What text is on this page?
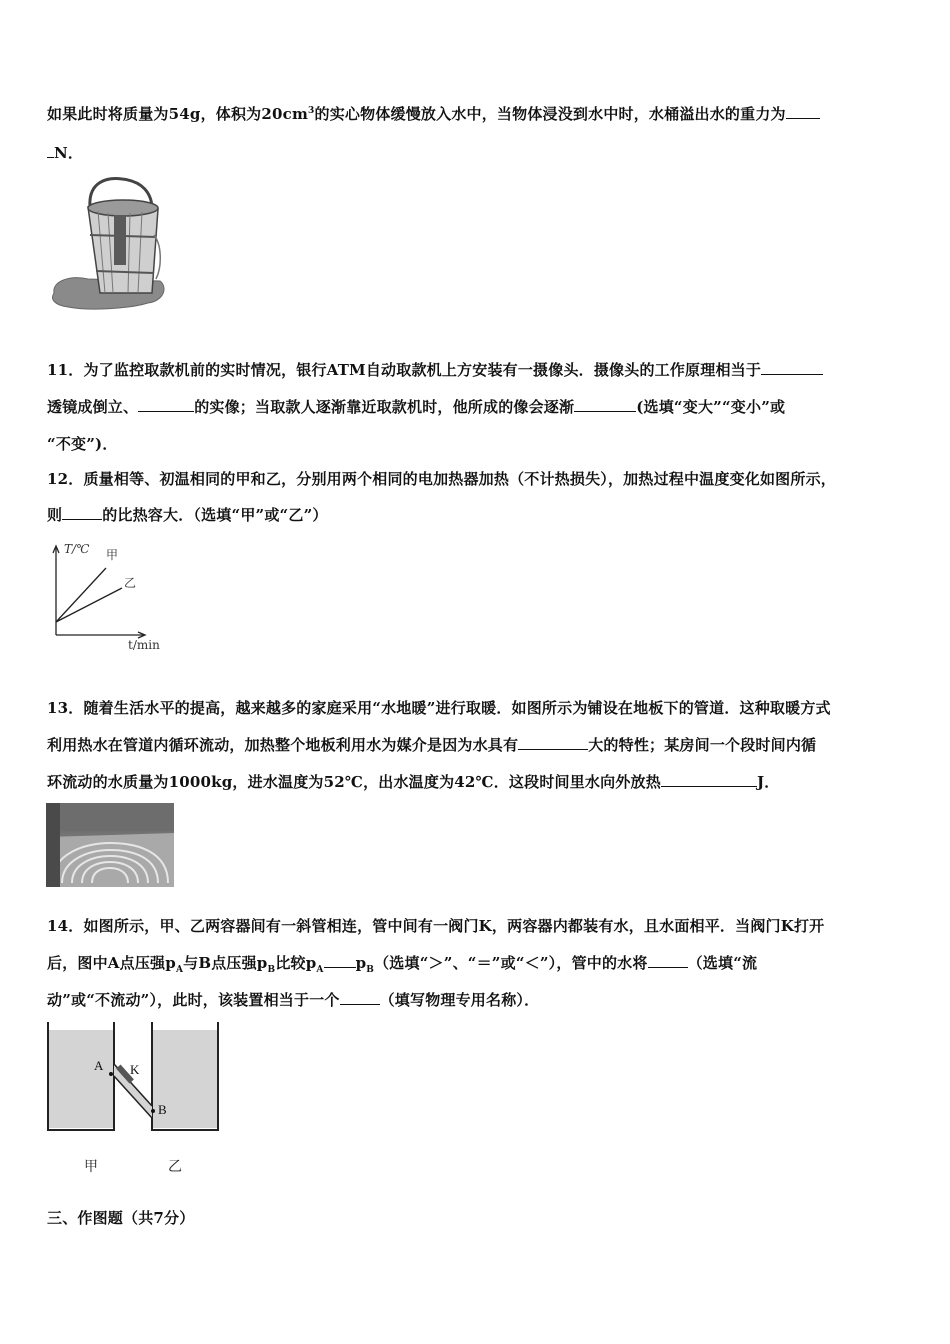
如果此时将质量为54g，体积为$20cm^3$的实心物体缓慢放入水中，当物体浸没到水中时，水桶溢出水的重力为
N．
11．为了监控取款机前的实时情况，银行ATM自动取款机上方安装有一摄像头．摄像头的工作原理相当于
透镜成倒立、	的实像；当取款人逐渐靠近取款机时，他所成的像会逐渐	(选填“变大”“变小”或
“不变”)．
12．质量相等、初温相同的甲和乙，分别用两个相同的电加热器加热（不计热损失），加热过程中温度变化如图所示，
则	的比热容大．（选填“甲”或“乙”）
T/℃ 甲
乙
t/min
13．随着生活水平的提高，越来越多的家庭采用“水地暖”进行取暖．如图所示为铺设在地板下的管道．这种取暖方式
利用热水在管道内循环流动，加热整个地板利用水为媒介是因为水具有	大的特性；某房间一个段时间内循
环流动的水质量为1000kg，进水温度为52℃，出水温度为42℃．这段时间里水向外放热	J．
14．如图所示，甲、乙两容器间有一斜管相连，管中间有一阀门K，两容器内都装有水，且水面相平．当阀门K打开
后，图中A点压强$p_A$与B点压强$p_B$比较$p_A$ $p_B$（选填“＞”、“＝”或“＜”），管中的水将	（选填“流
动”或“不流动”），此时，该装置相当于一个	（填写物理专用名称）．
A K
B
甲	乙
三、作图题（共7分）
